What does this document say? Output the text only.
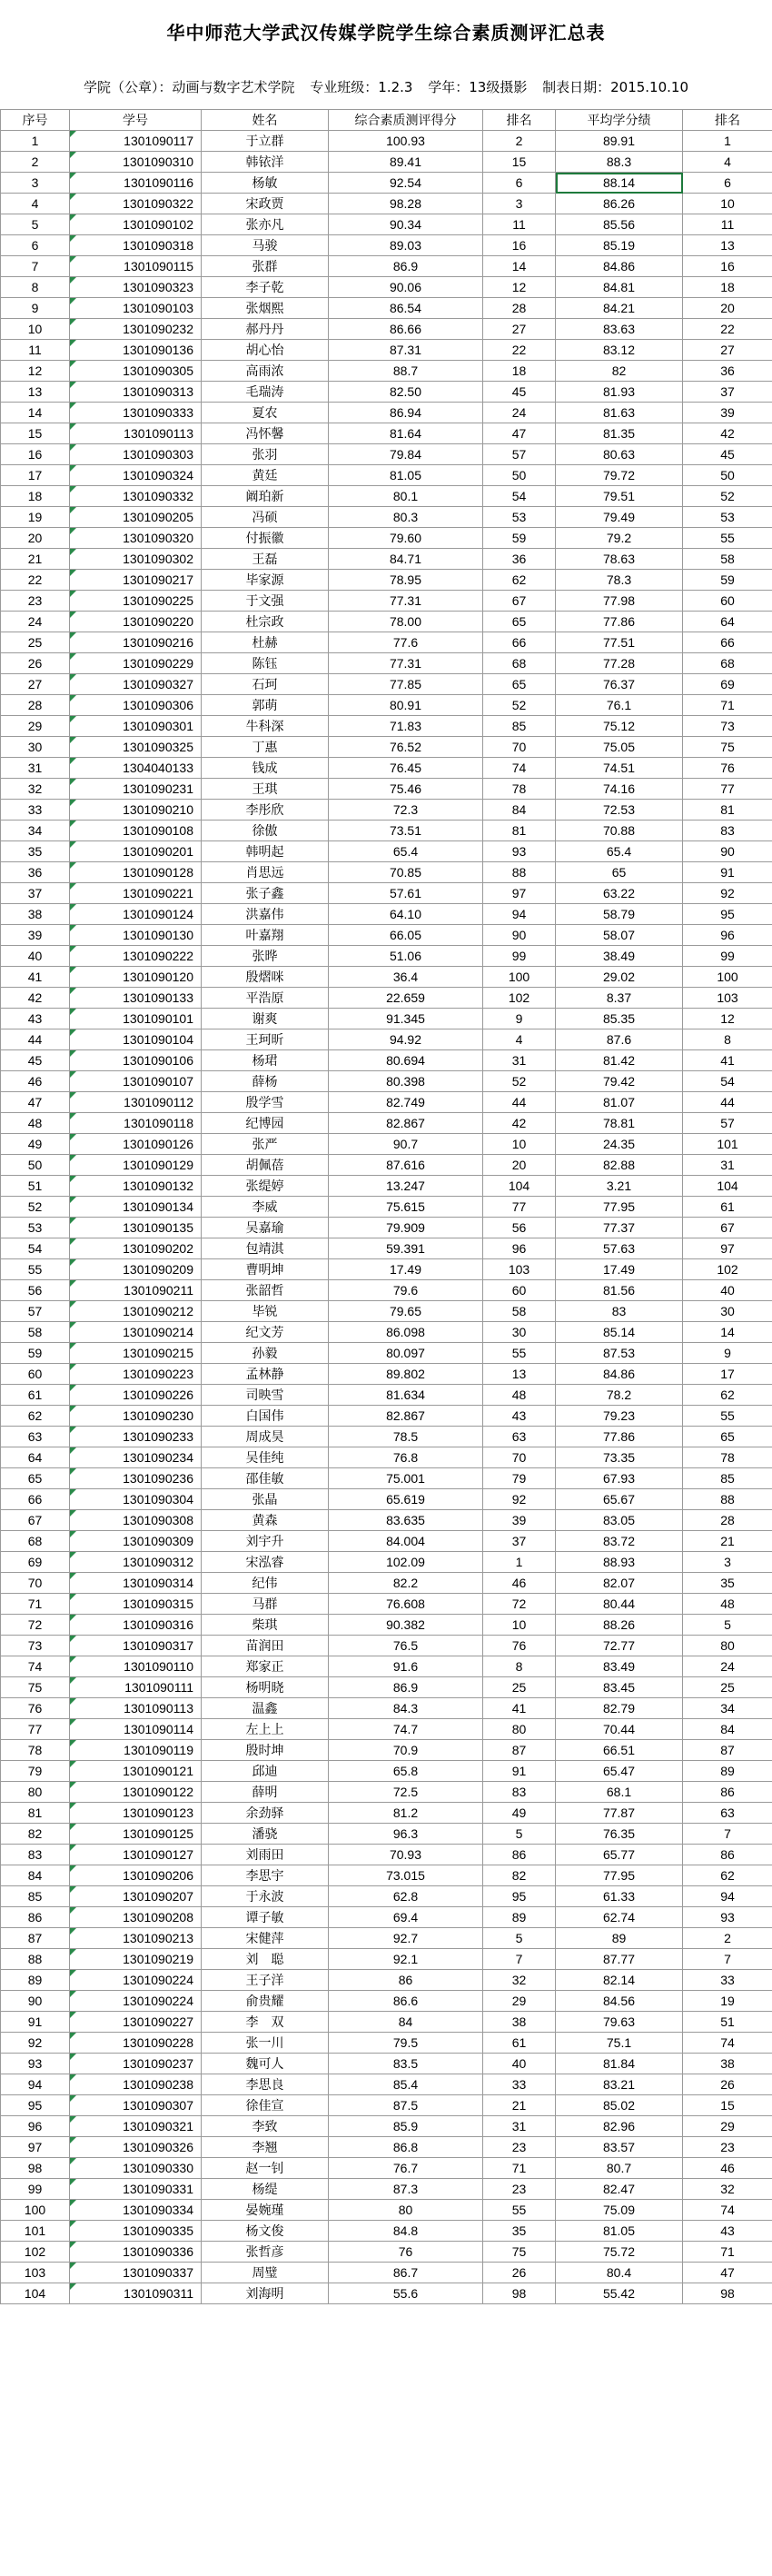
华中师范大学武汉传媒学院学生综合素质测评汇总表
学院（公章）：动画与数字艺术学院 专业班级：1.2.3 学年：13级摄影 制表日期：2015.10.10
序号	学号	姓名	综合素质测评得分	排名	平均学分绩	排名
1	1301090117	于立群	100.93	2	89.91	1
2	1301090310	韩铱洋	89.41	15	88.3	4
3	1301090116	杨敏	92.54	6	88.14	6
4	1301090322	宋政贾	98.28	3	86.26	10
5	1301090102	张亦凡	90.34	11	85.56	11
6	1301090318	马骏	89.03	16	85.19	13
7	1301090115	张群	86.9	14	84.86	16
8	1301090323	李子乾	90.06	12	84.81	18
9	1301090103	张烟熙	86.54	28	84.21	20
10	1301090232	郝丹丹	86.66	27	83.63	22
11	1301090136	胡心怡	87.31	22	83.12	27
12	1301090305	高雨浓	88.7	18	82	36
13	1301090313	毛瑞涛	82.50	45	81.93	37
14	1301090333	夏农	86.94	24	81.63	39
15	1301090113	冯怀馨	81.64	47	81.35	42
16	1301090303	张羽	79.84	57	80.63	45
17	1301090324	黄廷	81.05	50	79.72	50
18	1301090332	阚珀新	80.1	54	79.51	52
19	1301090205	冯硕	80.3	53	79.49	53
20	1301090320	付振徽	79.60	59	79.2	55
21	1301090302	王磊	84.71	36	78.63	58
22	1301090217	毕家源	78.95	62	78.3	59
23	1301090225	于文强	77.31	67	77.98	60
24	1301090220	杜宗政	78.00	65	77.86	64
25	1301090216	杜赫	77.6	66	77.51	66
26	1301090229	陈钰	77.31	68	77.28	68
27	1301090327	石珂	77.85	65	76.37	69
28	1301090306	郭萌	80.91	52	76.1	71
29	1301090301	牛科深	71.83	85	75.12	73
30	1301090325	丁惠	76.52	70	75.05	75
31	1304040133	钱成	76.45	74	74.51	76
32	1301090231	王琪	75.46	78	74.16	77
33	1301090210	李彤欣	72.3	84	72.53	81
34	1301090108	徐傲	73.51	81	70.88	83
35	1301090201	韩明起	65.4	93	65.4	90
36	1301090128	肖思远	70.85	88	65	91
37	1301090221	张子鑫	57.61	97	63.22	92
38	1301090124	洪嘉伟	64.10	94	58.79	95
39	1301090130	叶嘉翔	66.05	90	58.07	96
40	1301090222	张晔	51.06	99	38.49	99
41	1301090120	殷熠咪	36.4	100	29.02	100
42	1301090133	平浩原	22.659	102	8.37	103
43	1301090101	谢爽	91.345	9	85.35	12
44	1301090104	王珂昕	94.92	4	87.6	8
45	1301090106	杨珺	80.694	31	81.42	41
46	1301090107	薛杨	80.398	52	79.42	54
47	1301090112	殷学雪	82.749	44	81.07	44
48	1301090118	纪博园	82.867	42	78.81	57
49	1301090126	张严	90.7	10	24.35	101
50	1301090129	胡佩蓓	87.616	20	82.88	31
51	1301090132	张缇婷	13.247	104	3.21	104
52	1301090134	李威	75.615	77	77.95	61
53	1301090135	吴嘉瑜	79.909	56	77.37	67
54	1301090202	包靖淇	59.391	96	57.63	97
55	1301090209	曹明坤	17.49	103	17.49	102
56	1301090211	张韶哲	79.6	60	81.56	40
57	1301090212	毕锐	79.65	58	83	30
58	1301090214	纪文芳	86.098	30	85.14	14
59	1301090215	孙毅	80.097	55	87.53	9
60	1301090223	孟林静	89.802	13	84.86	17
61	1301090226	司映雪	81.634	48	78.2	62
62	1301090230	白国伟	82.867	43	79.23	55
63	1301090233	周成昊	78.5	63	77.86	65
64	1301090234	吴佳纯	76.8	70	73.35	78
65	1301090236	邵佳敏	75.001	79	67.93	85
66	1301090304	张晶	65.619	92	65.67	88
67	1301090308	黄森	83.635	39	83.05	28
68	1301090309	刘宇升	84.004	37	83.72	21
69	1301090312	宋泓睿	102.09	1	88.93	3
70	1301090314	纪伟	82.2	46	82.07	35
71	1301090315	马群	76.608	72	80.44	48
72	1301090316	柴琪	90.382	10	88.26	5
73	1301090317	苗润田	76.5	76	72.77	80
74	1301090110	郑家正	91.6	8	83.49	24
75	1301090111	杨明晓	86.9	25	83.45	25
76	1301090113	温鑫	84.3	41	82.79	34
77	1301090114	左上上	74.7	80	70.44	84
78	1301090119	殷时坤	70.9	87	66.51	87
79	1301090121	邱迪	65.8	91	65.47	89
80	1301090122	薛明	72.5	83	68.1	86
81	1301090123	余劲驿	81.2	49	77.87	63
82	1301090125	潘骁	96.3	5	76.35	7
83	1301090127	刘雨田	70.93	86	65.77	86
84	1301090206	李思宇	73.015	82	77.95	62
85	1301090207	于永波	62.8	95	61.33	94
86	1301090208	谭子敏	69.4	89	62.74	93
87	1301090213	宋健萍	92.7	5	89	2
88	1301090219	刘　聪	92.1	7	87.77	7
89	1301090224	王子洋	86	32	82.14	33
90	1301090224	俞贵耀	86.6	29	84.56	19
91	1301090227	李　双	84	38	79.63	51
92	1301090228	张一川	79.5	61	75.1	74
93	1301090237	魏可人	83.5	40	81.84	38
94	1301090238	李思良	85.4	33	83.21	26
95	1301090307	徐佳宣	87.5	21	85.02	15
96	1301090321	李致	85.9	31	82.96	29
97	1301090326	李翘	86.8	23	83.57	23
98	1301090330	赵一钊	76.7	71	80.7	46
99	1301090331	杨缇	87.3	23	82.47	32
100	1301090334	晏婉瑾	80	55	75.09	74
101	1301090335	杨文俊	84.8	35	81.05	43
102	1301090336	张哲彦	76	75	75.72	71
103	1301090337	周璧	86.7	26	80.4	47
104	1301090311	刘海明	55.6	98	55.42	98
